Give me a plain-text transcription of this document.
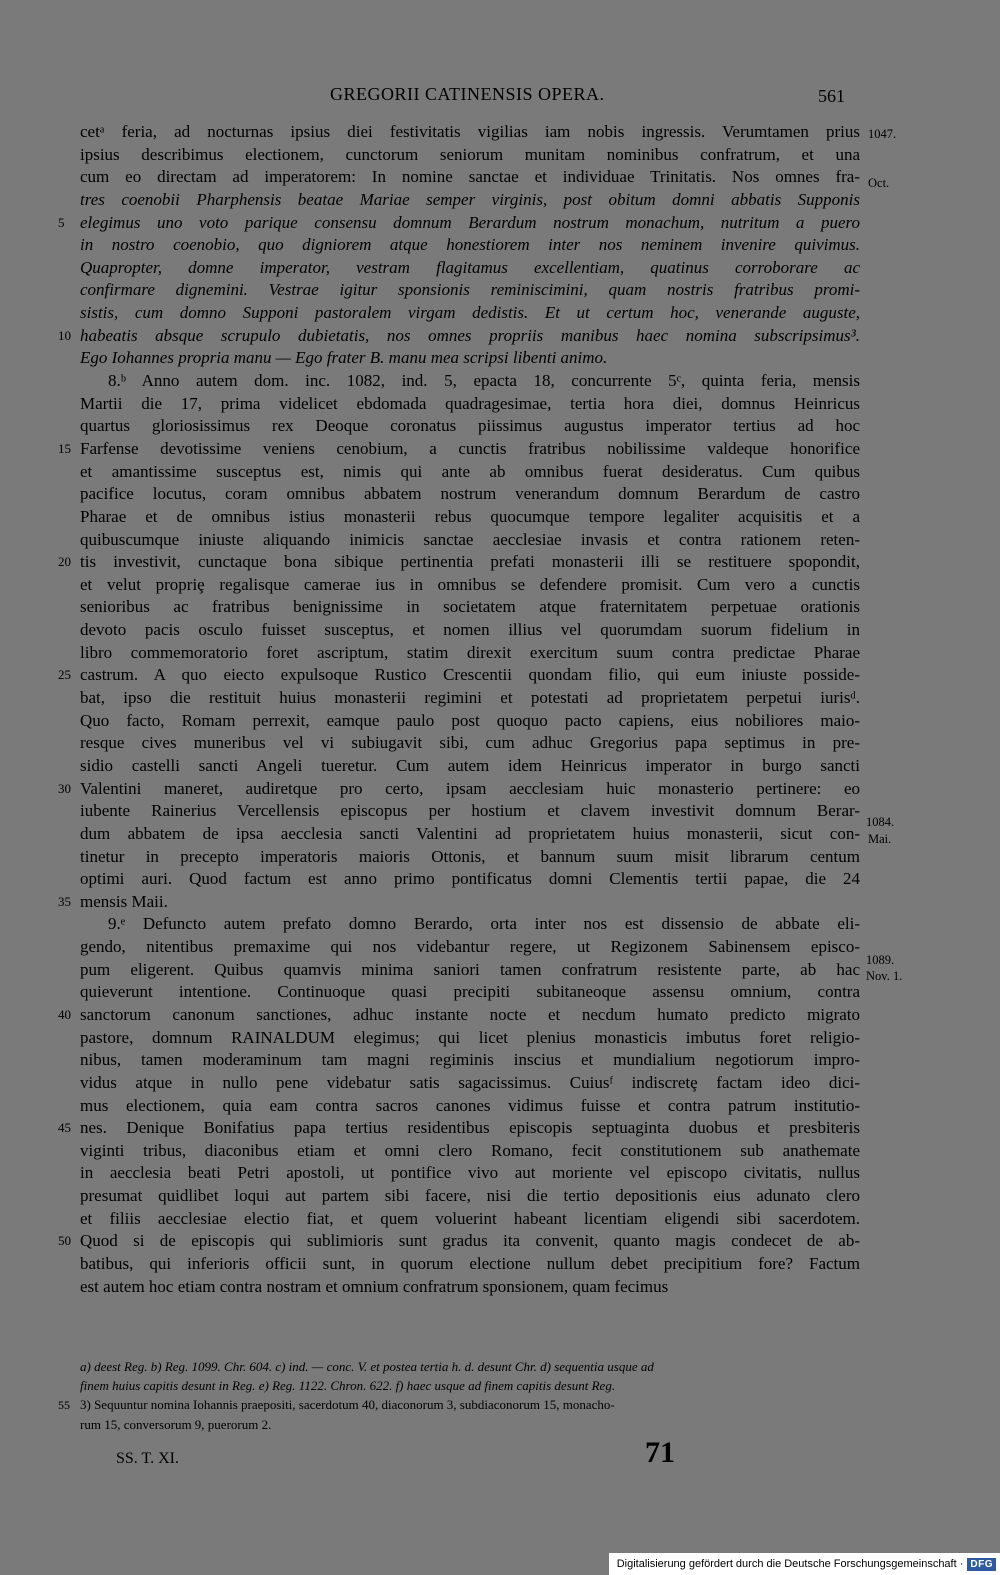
GREGORII CATINENSIS OPERA.	561
cetᵃ feria, ad nocturnas ipsius diei festivitatis vigilias iam nobis ingressis. Verumtamen prius
ipsius describimus electionem, cunctorum seniorum munitam nominibus confratrum, et una
cum eo directam ad imperatorem: In nomine sanctae et individuae Trinitatis. Nos omnes fra-
tres coenobii Pharphensis beatae Mariae semper virginis, post obitum domni abbatis Supponis
5 elegimus uno voto parique consensu domnum Berardum nostrum monachum, nutritum a puero
in nostro coenobio, quo digniorem atque honestiorem inter nos neminem invenire quivimus.
Quapropter, domne imperator, vestram flagitamus excellentiam, quatinus corroborare ac
confirmare dignemini. Vestrae igitur sponsionis reminiscimini, quam nostris fratribus promi-
sistis, cum domno Supponi pastoralem virgam dedistis. Et ut certum hoc, venerande auguste,
10 habeatis absque scrupulo dubietatis, nos omnes propriis manibus haec nomina subscripsimus³.
Ego Iohannes propria manu — Ego frater B. manu mea scripsi libenti animo.
8.ᵇ Anno autem dom. inc. 1082, ind. 5, epacta 18, concurrente 5ᶜ, quinta feria, mensis
Martii die 17, prima videlicet ebdomada quadragesimae, tertia hora diei, domnus Heinricus
quartus gloriosissimus rex Deoque coronatus piissimus augustus imperator tertius ad hoc
15 Farfense devotissime veniens cenobium, a cunctis fratribus nobilissime valdeque honorifice
et amantissime susceptus est, nimis qui ante ab omnibus fuerat desideratus. Cum quibus
pacifice locutus, coram omnibus abbatem nostrum venerandum domnum Berardum de castro
Pharae et de omnibus istius monasterii rebus quocumque tempore legaliter acquisitis et a
quibuscumque iniuste aliquando inimicis sanctae aecclesiae invasis et contra rationem reten-
20 tis investivit, cunctaque bona sibique pertinentia prefati monasterii illi se restituere spopondit,
et velut propriȩ regalisque camerae ius in omnibus se defendere promisit. Cum vero a cunctis
senioribus ac fratribus benignissime in societatem atque fraternitatem perpetuae orationis
devoto pacis osculo fuisset susceptus, et nomen illius vel quorumdam suorum fidelium in
libro commemoratorio foret ascriptum, statim direxit exercitum suum contra predictae Pharae
25 castrum. A quo eiecto expulsoque Rustico Crescentii quondam filio, qui eum iniuste posside-
bat, ipso die restituit huius monasterii regimini et potestati ad proprietatem perpetui iurisᵈ.
Quo facto, Romam perrexit, eamque paulo post quoquo pacto capiens, eius nobiliores maio-
resque cives muneribus vel vi subiugavit sibi, cum adhuc Gregorius papa septimus in pre-
sidio castelli sancti Angeli tueretur. Cum autem idem Heinricus imperator in burgo sancti
30 Valentini maneret, audiretque pro certo, ipsam aecclesiam huic monasterio pertinere: eo
iubente Rainerius Vercellensis episcopus per hostium et clavem investivit domnum Berar-
dum abbatem de ipsa aecclesia sancti Valentini ad proprietatem huius monasterii, sicut con-
tinetur in precepto imperatoris maioris Ottonis, et bannum suum misit librarum centum
optimi auri. Quod factum est anno primo pontificatus domni Clementis tertii papae, die 24
35 mensis Maii.
9.ᵉ Defuncto autem prefato domno Berardo, orta inter nos est dissensio de abbate eli-
gendo, nitentibus premaxime qui nos videbantur regere, ut Regizonem Sabinensem episco-
pum eligerent. Quibus quamvis minima saniori tamen confratrum resistente parte, ab hac
quieverunt intentione. Continuoque quasi precipiti subitaneoque assensu omnium, contra
40 sanctorum canonum sanctiones, adhuc instante nocte et necdum humato predicto migrato
pastore, domnum RAINALDUM elegimus; qui licet plenius monasticis imbutus foret religio-
nibus, tamen moderaminum tam magni regiminis inscius et mundialium negotiorum impro-
vidus atque in nullo pene videbatur satis sagacissimus. Cuiusᶠ indiscretȩ factam ideo dici-
mus electionem, quia eam contra sacros canones vidimus fuisse et contra patrum institutio-
45 nes. Denique Bonifatius papa tertius residentibus episcopis septuaginta duobus et presbiteris
viginti tribus, diaconibus etiam et omni clero Romano, fecit constitutionem sub anathemate
in aecclesia beati Petri apostoli, ut pontifice vivo aut moriente vel episcopo civitatis, nullus
presumat quidlibet loqui aut partem sibi facere, nisi die tertio depositionis eius adunato clero
et filiis aecclesiae electio fiat, et quem voluerint habeant licentiam eligendi sibi sacerdotem.
50 Quod si de episcopis qui sublimioris sunt gradus ita convenit, quanto magis condecet de ab-
batibus, qui inferioris officii sunt, in quorum electione nullum debet precipitium fore? Factum
est autem hoc etiam contra nostram et omnium confratrum sponsionem, quam fecimus
1047.
Oct.
1084.
Mai.
1089.
Nov. 1.
a) deest Reg. b) Reg. 1099. Chr. 604. c) ind. — conc. V. et postea tertia h. d. desunt Chr. d) sequentia usque ad
finem huius capitis desunt in Reg. e) Reg. 1122. Chron. 622. f) haec usque ad finem capitis desunt Reg.
55 3) Sequuntur nomina Iohannis praepositi, sacerdotum 40, diaconorum 3, subdiaconorum 15, monacho-
rum 15, conversorum 9, puerorum 2.
SS. T. XI.	71
Digitalisierung gefördert durch die Deutsche Forschungsgemeinschaft · DFG
